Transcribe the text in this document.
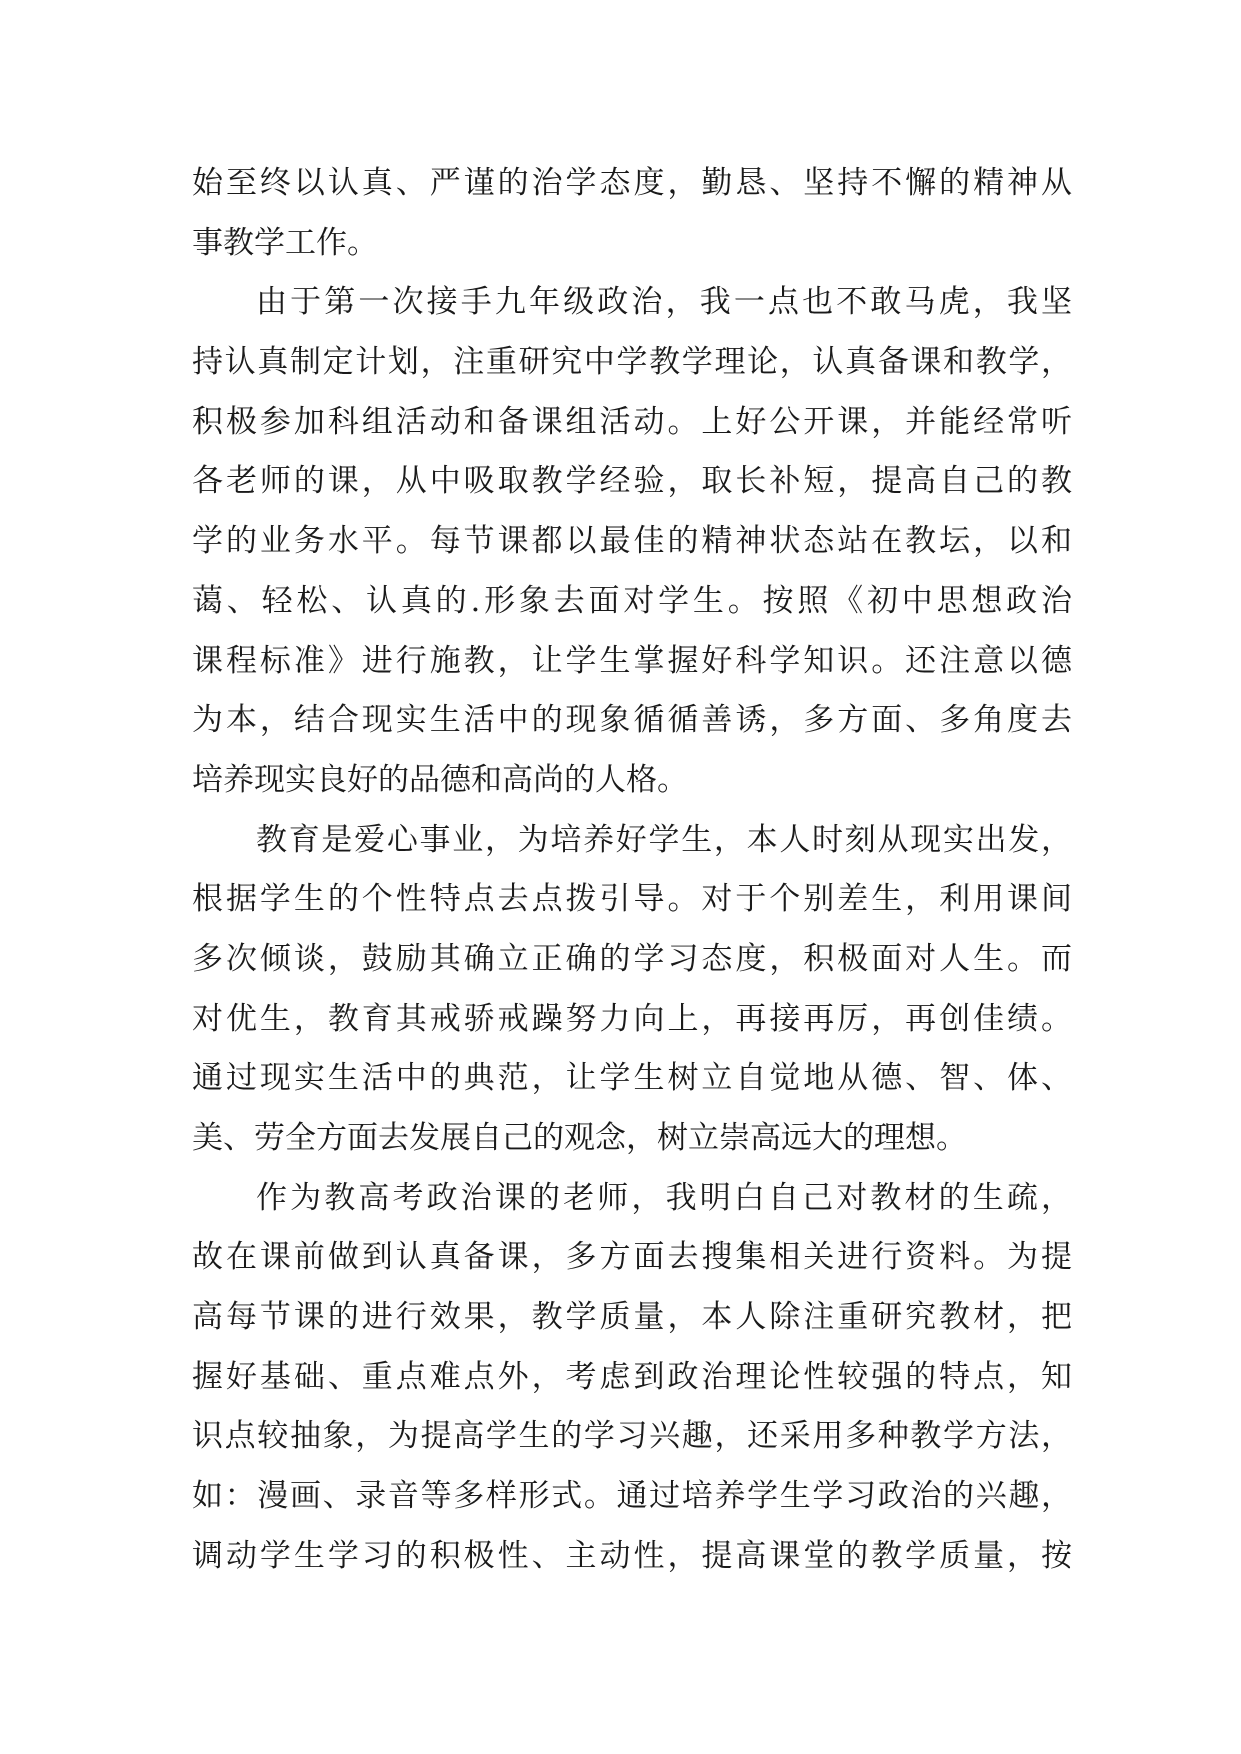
始至终以认真、严谨的治学态度，勤恳、坚持不懈的精神从
事教学工作。
由于第一次接手九年级政治，我一点也不敢马虎，我坚
持认真制定计划，注重研究中学教学理论，认真备课和教学，
积极参加科组活动和备课组活动。上好公开课，并能经常听
各老师的课，从中吸取教学经验，取长补短，提高自己的教
学的业务水平。每节课都以最佳的精神状态站在教坛，以和
蔼、轻松、认真的.形象去面对学生。按照《初中思想政治
课程标准》进行施教，让学生掌握好科学知识。还注意以德
为本，结合现实生活中的现象循循善诱，多方面、多角度去
培养现实良好的品德和高尚的人格。
教育是爱心事业，为培养好学生，本人时刻从现实出发，
根据学生的个性特点去点拨引导。对于个别差生，利用课间
多次倾谈，鼓励其确立正确的学习态度，积极面对人生。而
对优生，教育其戒骄戒躁努力向上，再接再厉，再创佳绩。
通过现实生活中的典范，让学生树立自觉地从德、智、体、
美、劳全方面去发展自己的观念，树立崇高远大的理想。
作为教高考政治课的老师，我明白自己对教材的生疏，
故在课前做到认真备课，多方面去搜集相关进行资料。为提
高每节课的进行效果，教学质量，本人除注重研究教材，把
握好基础、重点难点外，考虑到政治理论性较强的特点，知
识点较抽象，为提高学生的学习兴趣，还采用多种教学方法，
如：漫画、录音等多样形式。通过培养学生学习政治的兴趣，
调动学生学习的积极性、主动性，提高课堂的教学质量，按
